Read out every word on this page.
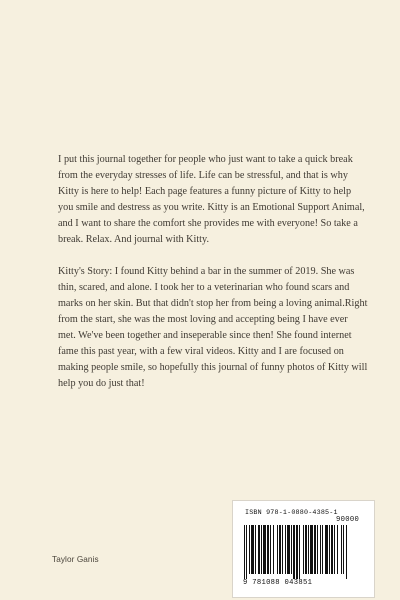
I put this journal together for people who just want to take a quick break from the everyday stresses of life. Life can be stressful, and that is why Kitty is here to help! Each page features a funny picture of Kitty to help you smile and destress as you write. Kitty is an Emotional Support Animal, and I want to share the comfort she provides me with everyone! So take a break. Relax. And journal with Kitty.

Kitty's Story: I found Kitty behind a bar in the summer of 2019. She was thin, scared, and alone. I took her to a veterinarian who found scars and marks on her skin. But that didn't stop her from being a loving animal.Right from the start, she was the most loving and accepting being I have ever met. We've been together and inseperable since then! She found internet fame this past year, with a few viral videos. Kitty and I are focused on making people smile, so hopefully this journal of funny photos of Kitty will help you do just that!

Taylor Ganis
ISBN 978-1-0880-4385-1
90000
9 781088 043851
